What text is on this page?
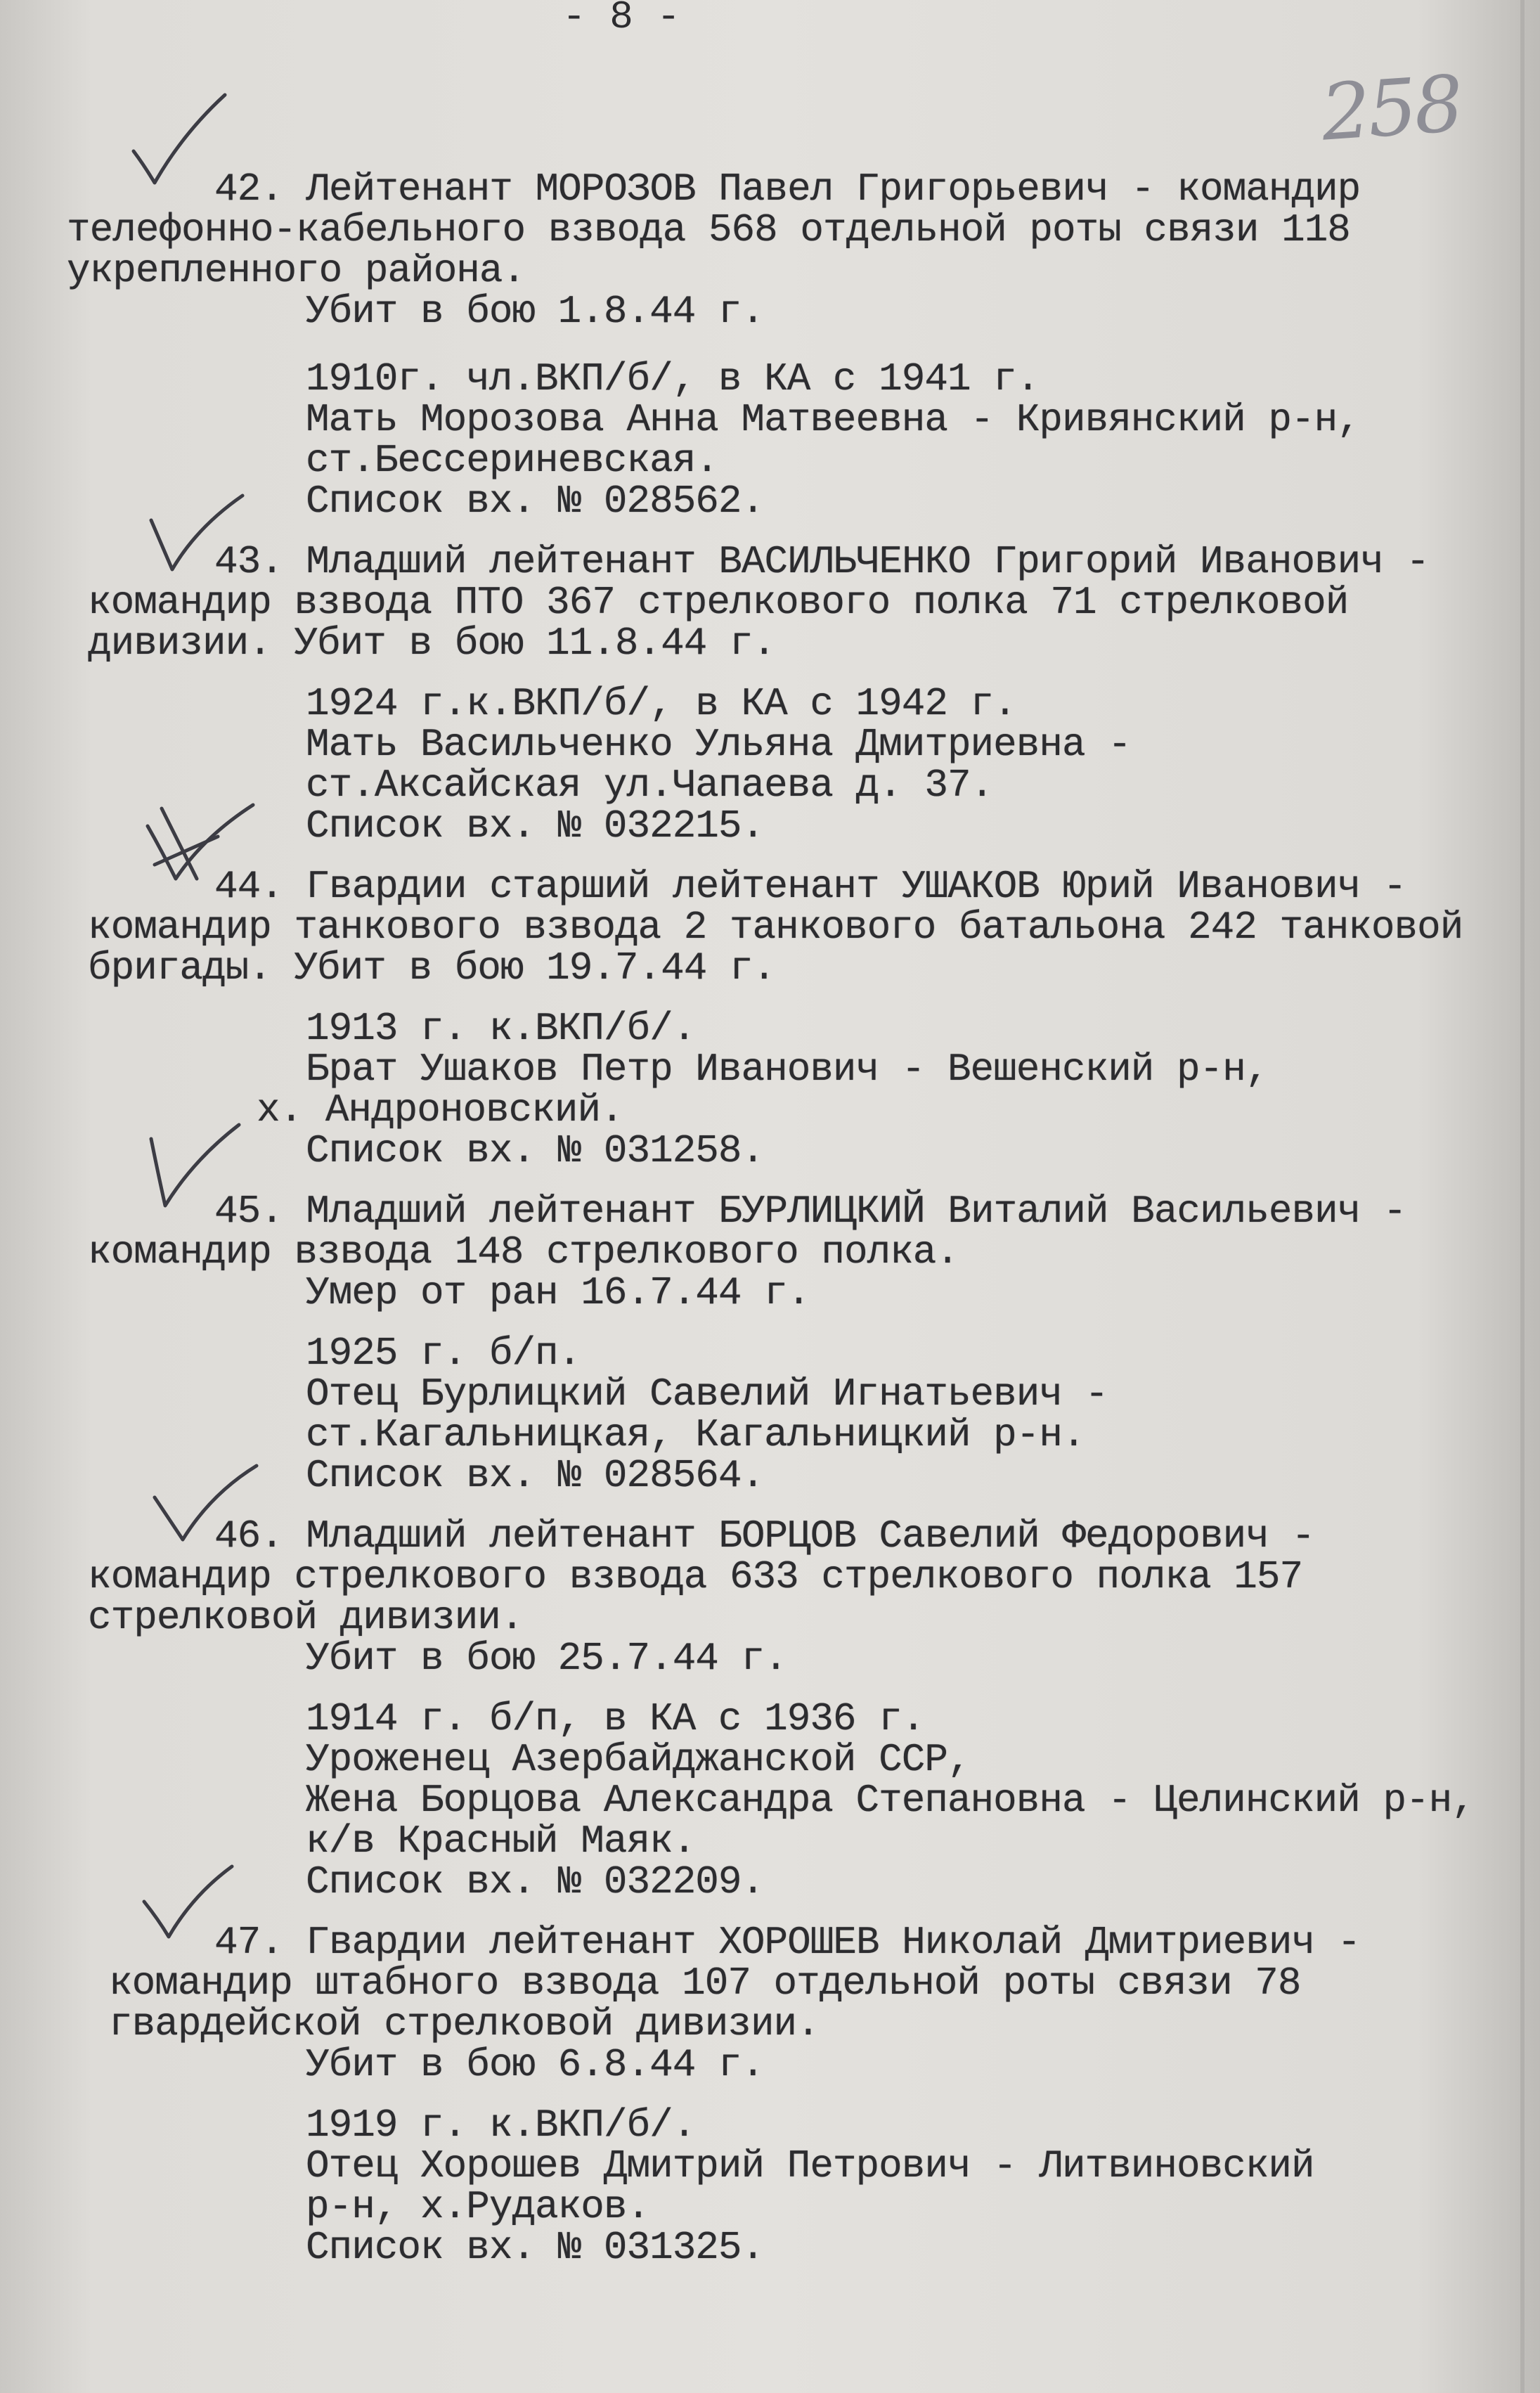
- 8 -

258

42. Лейтенант МОРОЗОВ Павел Григорьевич - командир

телефонно-кабельного взвода 568 отдельной роты связи 118

укрепленного района.

Убит в бою 1.8.44 г.

1910г. чл.ВКП/б/, в КА с 1941 г.

Мать Морозова Анна Матвеевна - Кривянский р-н,

ст.Бессериневская.

Список вх. № 028562.

43. Младший лейтенант ВАСИЛЬЧЕНКО Григорий Иванович -

командир взвода ПТО 367 стрелкового полка 71 стрелковой

дивизии. Убит в бою 11.8.44 г.

1924 г.к.ВКП/б/, в КА с 1942 г.

Мать Васильченко Ульяна Дмитриевна -

ст.Аксайская ул.Чапаева д. 37.

Список вх. № 032215.

44. Гвардии старший лейтенант УШАКОВ Юрий Иванович -

командир танкового взвода 2 танкового батальона 242 танковой

бригады. Убит в бою 19.7.44 г.

1913 г. к.ВКП/б/.

Брат Ушаков Петр Иванович - Вешенский р-н,

х. Андроновский.

Список вх. № 031258.

45. Младший лейтенант БУРЛИЦКИЙ Виталий Васильевич -

командир взвода 148 стрелкового полка.

Умер от ран 16.7.44 г.

1925 г. б/п.

Отец Бурлицкий Савелий Игнатьевич -

ст.Кагальницкая, Кагальницкий р-н.

Список вх. № 028564.

46. Младший лейтенант БОРЦОВ Савелий Федорович -

командир стрелкового взвода 633 стрелкового полка 157

стрелковой дивизии.

Убит в бою 25.7.44 г.

1914 г. б/п, в КА с 1936 г.

Уроженец Азербайджанской ССР,

Жена Борцова Александра Степановна - Целинский р-н,

к/в Красный Маяк.

Список вх. № 032209.

47. Гвардии лейтенант ХОРОШЕВ Николай Дмитриевич -

командир штабного взвода 107 отдельной роты связи 78

гвардейской стрелковой дивизии.

Убит в бою 6.8.44 г.

1919 г. к.ВКП/б/.

Отец Хорошев Дмитрий Петрович - Литвиновский

р-н, х.Рудаков.

Список вх. № 031325.
